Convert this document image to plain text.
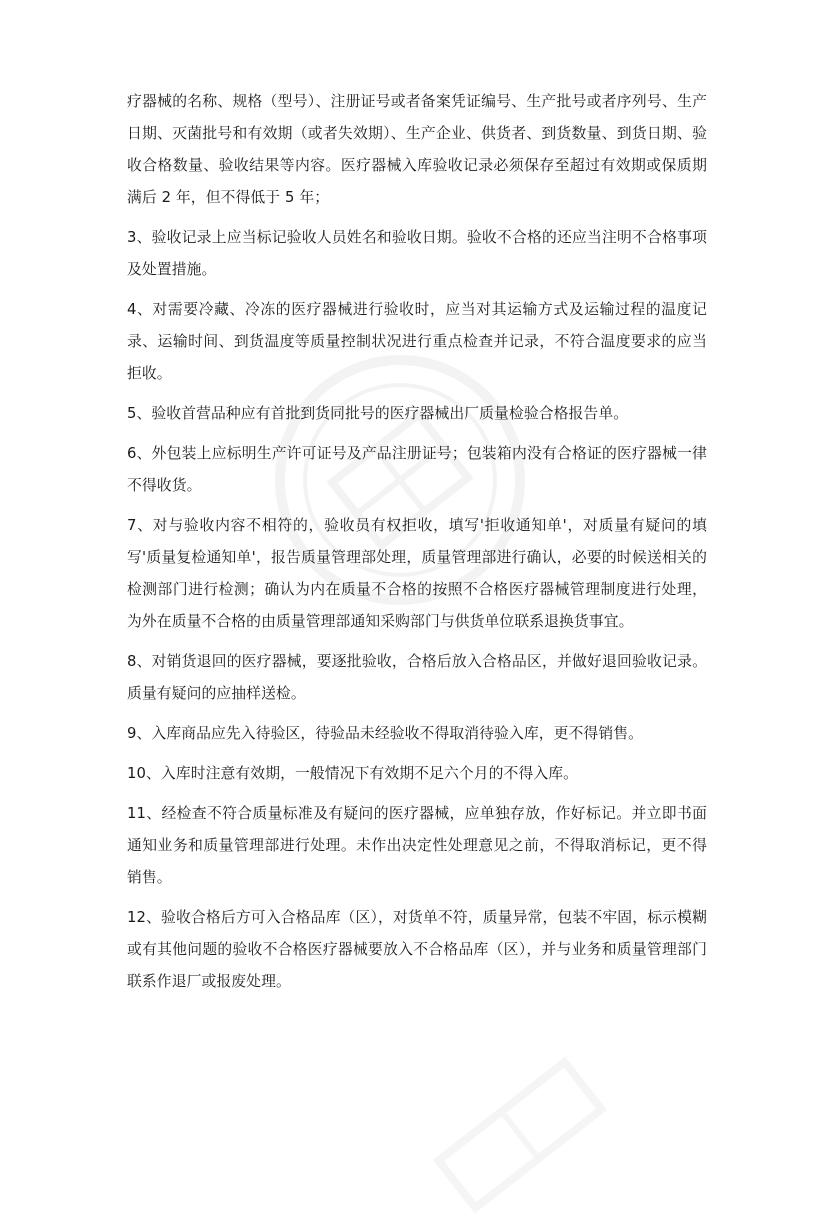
疗器械的名称、规格（型号）、注册证号或者备案凭证编号、生产批号或者序列号、生产日期、灭菌批号和有效期（或者失效期）、生产企业、供货者、到货数量、到货日期、验收合格数量、验收结果等内容。医疗器械入库验收记录必须保存至超过有效期或保质期满后 2 年，但不得低于 5 年；

3、验收记录上应当标记验收人员姓名和验收日期。验收不合格的还应当注明不合格事项及处置措施。

4、对需要冷藏、冷冻的医疗器械进行验收时，应当对其运输方式及运输过程的温度记录、运输时间、到货温度等质量控制状况进行重点检查并记录，不符合温度要求的应当拒收。

5、验收首营品种应有首批到货同批号的医疗器械出厂质量检验合格报告单。

6、外包装上应标明生产许可证号及产品注册证号；包装箱内没有合格证的医疗器械一律不得收货。

7、对与验收内容不相符的，验收员有权拒收，填写'拒收通知单'，对质量有疑问的填写'质量复检通知单'，报告质量管理部处理，质量管理部进行确认，必要的时候送相关的检测部门进行检测；确认为内在质量不合格的按照不合格医疗器械管理制度进行处理，为外在质量不合格的由质量管理部通知采购部门与供货单位联系退换货事宜。

8、对销货退回的医疗器械，要逐批验收，合格后放入合格品区，并做好退回验收记录。质量有疑问的应抽样送检。

9、入库商品应先入待验区，待验品未经验收不得取消待验入库，更不得销售。

10、入库时注意有效期，一般情况下有效期不足六个月的不得入库。

11、经检查不符合质量标准及有疑问的医疗器械，应单独存放，作好标记。并立即书面通知业务和质量管理部进行处理。未作出决定性处理意见之前，不得取消标记，更不得销售。

12、验收合格后方可入合格品库（区），对货单不符，质量异常，包装不牢固，标示模糊或有其他问题的验收不合格医疗器械要放入不合格品库（区），并与业务和质量管理部门联系作退厂或报废处理。
